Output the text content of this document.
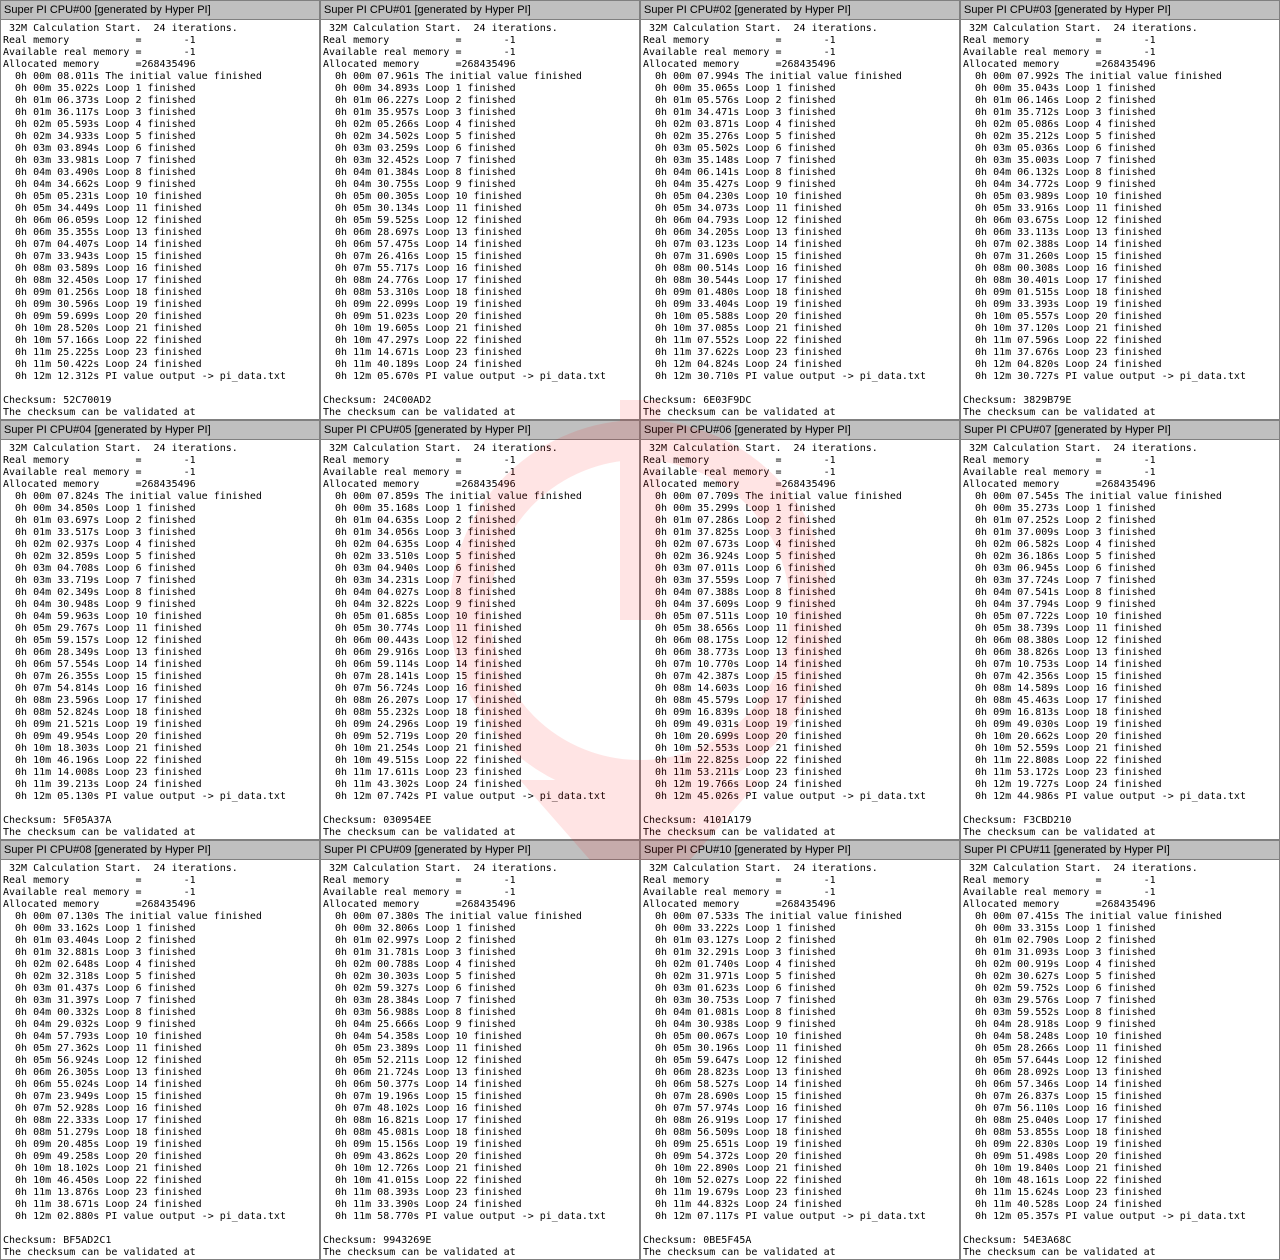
Super PI CPU#00 [generated by Hyper PI]
32M Calculation Start.  24 iterations.
Real memory           =       -1
Available real memory =       -1
Allocated memory      =268435496
0h 00m 08.011s The initial value finished
0h 00m 35.022s Loop 1 finished
0h 01m 06.373s Loop 2 finished
0h 01m 36.117s Loop 3 finished
0h 02m 05.593s Loop 4 finished
0h 02m 34.933s Loop 5 finished
0h 03m 03.894s Loop 6 finished
0h 03m 33.981s Loop 7 finished
0h 04m 03.490s Loop 8 finished
0h 04m 34.662s Loop 9 finished
0h 05m 05.231s Loop 10 finished
0h 05m 34.449s Loop 11 finished
0h 06m 06.059s Loop 12 finished
0h 06m 35.355s Loop 13 finished
0h 07m 04.407s Loop 14 finished
0h 07m 33.943s Loop 15 finished
0h 08m 03.589s Loop 16 finished
0h 08m 32.450s Loop 17 finished
0h 09m 01.256s Loop 18 finished
0h 09m 30.596s Loop 19 finished
0h 09m 59.699s Loop 20 finished
0h 10m 28.520s Loop 21 finished
0h 10m 57.166s Loop 22 finished
0h 11m 25.225s Loop 23 finished
0h 11m 50.422s Loop 24 finished
0h 12m 12.312s PI value output -> pi_data.txt

Checksum: 52C70019
The checksum can be validated at
Super PI CPU#01 [generated by Hyper PI]
32M Calculation Start.  24 iterations.
Real memory           =       -1
Available real memory =       -1
Allocated memory      =268435496
0h 00m 07.961s The initial value finished
0h 00m 34.893s Loop 1 finished
0h 01m 06.227s Loop 2 finished
0h 01m 35.957s Loop 3 finished
0h 02m 05.266s Loop 4 finished
0h 02m 34.502s Loop 5 finished
0h 03m 03.259s Loop 6 finished
0h 03m 32.452s Loop 7 finished
0h 04m 01.384s Loop 8 finished
0h 04m 30.755s Loop 9 finished
0h 05m 00.305s Loop 10 finished
0h 05m 30.134s Loop 11 finished
0h 05m 59.525s Loop 12 finished
0h 06m 28.697s Loop 13 finished
0h 06m 57.475s Loop 14 finished
0h 07m 26.416s Loop 15 finished
0h 07m 55.717s Loop 16 finished
0h 08m 24.776s Loop 17 finished
0h 08m 53.310s Loop 18 finished
0h 09m 22.099s Loop 19 finished
0h 09m 51.023s Loop 20 finished
0h 10m 19.605s Loop 21 finished
0h 10m 47.297s Loop 22 finished
0h 11m 14.671s Loop 23 finished
0h 11m 40.189s Loop 24 finished
0h 12m 05.670s PI value output -> pi_data.txt

Checksum: 24C00AD2
The checksum can be validated at
Super PI CPU#02 [generated by Hyper PI]
32M Calculation Start.  24 iterations.
Real memory           =       -1
Available real memory =       -1
Allocated memory      =268435496
0h 00m 07.994s The initial value finished
0h 00m 35.065s Loop 1 finished
0h 01m 05.576s Loop 2 finished
0h 01m 34.471s Loop 3 finished
0h 02m 03.871s Loop 4 finished
0h 02m 35.276s Loop 5 finished
0h 03m 05.502s Loop 6 finished
0h 03m 35.148s Loop 7 finished
0h 04m 06.141s Loop 8 finished
0h 04m 35.427s Loop 9 finished
0h 05m 04.230s Loop 10 finished
0h 05m 34.073s Loop 11 finished
0h 06m 04.793s Loop 12 finished
0h 06m 34.205s Loop 13 finished
0h 07m 03.123s Loop 14 finished
0h 07m 31.690s Loop 15 finished
0h 08m 00.514s Loop 16 finished
0h 08m 30.544s Loop 17 finished
0h 09m 01.480s Loop 18 finished
0h 09m 33.404s Loop 19 finished
0h 10m 05.588s Loop 20 finished
0h 10m 37.085s Loop 21 finished
0h 11m 07.552s Loop 22 finished
0h 11m 37.622s Loop 23 finished
0h 12m 04.824s Loop 24 finished
0h 12m 30.710s PI value output -> pi_data.txt

Checksum: 6E03F9DC
The checksum can be validated at
Super PI CPU#03 [generated by Hyper PI]
32M Calculation Start.  24 iterations.
Real memory           =       -1
Available real memory =       -1
Allocated memory      =268435496
0h 00m 07.992s The initial value finished
0h 00m 35.043s Loop 1 finished
0h 01m 06.146s Loop 2 finished
0h 01m 35.712s Loop 3 finished
0h 02m 05.086s Loop 4 finished
0h 02m 35.212s Loop 5 finished
0h 03m 05.036s Loop 6 finished
0h 03m 35.003s Loop 7 finished
0h 04m 06.132s Loop 8 finished
0h 04m 34.772s Loop 9 finished
0h 05m 03.989s Loop 10 finished
0h 05m 33.916s Loop 11 finished
0h 06m 03.675s Loop 12 finished
0h 06m 33.113s Loop 13 finished
0h 07m 02.388s Loop 14 finished
0h 07m 31.260s Loop 15 finished
0h 08m 00.308s Loop 16 finished
0h 08m 30.401s Loop 17 finished
0h 09m 01.515s Loop 18 finished
0h 09m 33.393s Loop 19 finished
0h 10m 05.557s Loop 20 finished
0h 10m 37.120s Loop 21 finished
0h 11m 07.596s Loop 22 finished
0h 11m 37.676s Loop 23 finished
0h 12m 04.820s Loop 24 finished
0h 12m 30.727s PI value output -> pi_data.txt

Checksum: 3829B79E
The checksum can be validated at
Super PI CPU#04 [generated by Hyper PI]
32M Calculation Start.  24 iterations.
Real memory           =       -1
Available real memory =       -1
Allocated memory      =268435496
0h 00m 07.824s The initial value finished
0h 00m 34.850s Loop 1 finished
0h 01m 03.697s Loop 2 finished
0h 01m 33.517s Loop 3 finished
0h 02m 02.937s Loop 4 finished
0h 02m 32.859s Loop 5 finished
0h 03m 04.708s Loop 6 finished
0h 03m 33.719s Loop 7 finished
0h 04m 02.349s Loop 8 finished
0h 04m 30.948s Loop 9 finished
0h 04m 59.963s Loop 10 finished
0h 05m 29.767s Loop 11 finished
0h 05m 59.157s Loop 12 finished
0h 06m 28.349s Loop 13 finished
0h 06m 57.554s Loop 14 finished
0h 07m 26.355s Loop 15 finished
0h 07m 54.814s Loop 16 finished
0h 08m 23.596s Loop 17 finished
0h 08m 52.824s Loop 18 finished
0h 09m 21.521s Loop 19 finished
0h 09m 49.954s Loop 20 finished
0h 10m 18.303s Loop 21 finished
0h 10m 46.196s Loop 22 finished
0h 11m 14.008s Loop 23 finished
0h 11m 39.213s Loop 24 finished
0h 12m 05.130s PI value output -> pi_data.txt

Checksum: 5F05A37A
The checksum can be validated at
Super PI CPU#05 [generated by Hyper PI]
32M Calculation Start.  24 iterations.
Real memory           =       -1
Available real memory =       -1
Allocated memory      =268435496
0h 00m 07.859s The initial value finished
0h 00m 35.168s Loop 1 finished
0h 01m 04.635s Loop 2 finished
0h 01m 34.056s Loop 3 finished
0h 02m 04.635s Loop 4 finished
0h 02m 33.510s Loop 5 finished
0h 03m 04.940s Loop 6 finished
0h 03m 34.231s Loop 7 finished
0h 04m 04.027s Loop 8 finished
0h 04m 32.822s Loop 9 finished
0h 05m 01.685s Loop 10 finished
0h 05m 30.774s Loop 11 finished
0h 06m 00.443s Loop 12 finished
0h 06m 29.916s Loop 13 finished
0h 06m 59.114s Loop 14 finished
0h 07m 28.141s Loop 15 finished
0h 07m 56.724s Loop 16 finished
0h 08m 26.207s Loop 17 finished
0h 08m 55.232s Loop 18 finished
0h 09m 24.296s Loop 19 finished
0h 09m 52.719s Loop 20 finished
0h 10m 21.254s Loop 21 finished
0h 10m 49.515s Loop 22 finished
0h 11m 17.611s Loop 23 finished
0h 11m 43.302s Loop 24 finished
0h 12m 07.742s PI value output -> pi_data.txt

Checksum: 030954EE
The checksum can be validated at
Super PI CPU#06 [generated by Hyper PI]
32M Calculation Start.  24 iterations.
Real memory           =       -1
Available real memory =       -1
Allocated memory      =268435496
0h 00m 07.709s The initial value finished
0h 00m 35.299s Loop 1 finished
0h 01m 07.286s Loop 2 finished
0h 01m 37.825s Loop 3 finished
0h 02m 07.673s Loop 4 finished
0h 02m 36.924s Loop 5 finished
0h 03m 07.011s Loop 6 finished
0h 03m 37.559s Loop 7 finished
0h 04m 07.388s Loop 8 finished
0h 04m 37.609s Loop 9 finished
0h 05m 07.511s Loop 10 finished
0h 05m 38.656s Loop 11 finished
0h 06m 08.175s Loop 12 finished
0h 06m 38.773s Loop 13 finished
0h 07m 10.770s Loop 14 finished
0h 07m 42.387s Loop 15 finished
0h 08m 14.603s Loop 16 finished
0h 08m 45.579s Loop 17 finished
0h 09m 16.839s Loop 18 finished
0h 09m 49.031s Loop 19 finished
0h 10m 20.699s Loop 20 finished
0h 10m 52.553s Loop 21 finished
0h 11m 22.825s Loop 22 finished
0h 11m 53.211s Loop 23 finished
0h 12m 19.766s Loop 24 finished
0h 12m 45.026s PI value output -> pi_data.txt

Checksum: 4101A179
The checksum can be validated at
Super PI CPU#07 [generated by Hyper PI]
32M Calculation Start.  24 iterations.
Real memory           =       -1
Available real memory =       -1
Allocated memory      =268435496
0h 00m 07.545s The initial value finished
0h 00m 35.273s Loop 1 finished
0h 01m 07.252s Loop 2 finished
0h 01m 37.009s Loop 3 finished
0h 02m 06.582s Loop 4 finished
0h 02m 36.186s Loop 5 finished
0h 03m 06.945s Loop 6 finished
0h 03m 37.724s Loop 7 finished
0h 04m 07.541s Loop 8 finished
0h 04m 37.794s Loop 9 finished
0h 05m 07.722s Loop 10 finished
0h 05m 38.739s Loop 11 finished
0h 06m 08.380s Loop 12 finished
0h 06m 38.826s Loop 13 finished
0h 07m 10.753s Loop 14 finished
0h 07m 42.356s Loop 15 finished
0h 08m 14.589s Loop 16 finished
0h 08m 45.463s Loop 17 finished
0h 09m 16.813s Loop 18 finished
0h 09m 49.030s Loop 19 finished
0h 10m 20.662s Loop 20 finished
0h 10m 52.559s Loop 21 finished
0h 11m 22.808s Loop 22 finished
0h 11m 53.172s Loop 23 finished
0h 12m 19.727s Loop 24 finished
0h 12m 44.986s PI value output -> pi_data.txt

Checksum: F3CBD210
The checksum can be validated at
Super PI CPU#08 [generated by Hyper PI]
32M Calculation Start.  24 iterations.
Real memory           =       -1
Available real memory =       -1
Allocated memory      =268435496
0h 00m 07.130s The initial value finished
0h 00m 33.162s Loop 1 finished
0h 01m 03.404s Loop 2 finished
0h 01m 32.881s Loop 3 finished
0h 02m 02.648s Loop 4 finished
0h 02m 32.318s Loop 5 finished
0h 03m 01.437s Loop 6 finished
0h 03m 31.397s Loop 7 finished
0h 04m 00.332s Loop 8 finished
0h 04m 29.032s Loop 9 finished
0h 04m 57.793s Loop 10 finished
0h 05m 27.362s Loop 11 finished
0h 05m 56.924s Loop 12 finished
0h 06m 26.305s Loop 13 finished
0h 06m 55.024s Loop 14 finished
0h 07m 23.949s Loop 15 finished
0h 07m 52.928s Loop 16 finished
0h 08m 22.333s Loop 17 finished
0h 08m 51.279s Loop 18 finished
0h 09m 20.485s Loop 19 finished
0h 09m 49.258s Loop 20 finished
0h 10m 18.102s Loop 21 finished
0h 10m 46.450s Loop 22 finished
0h 11m 13.876s Loop 23 finished
0h 11m 38.671s Loop 24 finished
0h 12m 02.880s PI value output -> pi_data.txt

Checksum: BF5AD2C1
The checksum can be validated at
Super PI CPU#09 [generated by Hyper PI]
32M Calculation Start.  24 iterations.
Real memory           =       -1
Available real memory =       -1
Allocated memory      =268435496
0h 00m 07.380s The initial value finished
0h 00m 32.806s Loop 1 finished
0h 01m 02.997s Loop 2 finished
0h 01m 31.781s Loop 3 finished
0h 02m 00.788s Loop 4 finished
0h 02m 30.303s Loop 5 finished
0h 02m 59.327s Loop 6 finished
0h 03m 28.384s Loop 7 finished
0h 03m 56.988s Loop 8 finished
0h 04m 25.666s Loop 9 finished
0h 04m 54.358s Loop 10 finished
0h 05m 23.389s Loop 11 finished
0h 05m 52.211s Loop 12 finished
0h 06m 21.724s Loop 13 finished
0h 06m 50.377s Loop 14 finished
0h 07m 19.196s Loop 15 finished
0h 07m 48.102s Loop 16 finished
0h 08m 16.821s Loop 17 finished
0h 08m 45.081s Loop 18 finished
0h 09m 15.156s Loop 19 finished
0h 09m 43.862s Loop 20 finished
0h 10m 12.726s Loop 21 finished
0h 10m 41.015s Loop 22 finished
0h 11m 08.393s Loop 23 finished
0h 11m 33.390s Loop 24 finished
0h 11m 58.770s PI value output -> pi_data.txt

Checksum: 9943269E
The checksum can be validated at
Super PI CPU#10 [generated by Hyper PI]
32M Calculation Start.  24 iterations.
Real memory           =       -1
Available real memory =       -1
Allocated memory      =268435496
0h 00m 07.533s The initial value finished
0h 00m 33.222s Loop 1 finished
0h 01m 03.127s Loop 2 finished
0h 01m 32.291s Loop 3 finished
0h 02m 01.740s Loop 4 finished
0h 02m 31.971s Loop 5 finished
0h 03m 01.623s Loop 6 finished
0h 03m 30.753s Loop 7 finished
0h 04m 01.081s Loop 8 finished
0h 04m 30.938s Loop 9 finished
0h 05m 00.067s Loop 10 finished
0h 05m 30.196s Loop 11 finished
0h 05m 59.647s Loop 12 finished
0h 06m 28.823s Loop 13 finished
0h 06m 58.527s Loop 14 finished
0h 07m 28.690s Loop 15 finished
0h 07m 57.974s Loop 16 finished
0h 08m 26.919s Loop 17 finished
0h 08m 56.509s Loop 18 finished
0h 09m 25.651s Loop 19 finished
0h 09m 54.372s Loop 20 finished
0h 10m 22.890s Loop 21 finished
0h 10m 52.027s Loop 22 finished
0h 11m 19.679s Loop 23 finished
0h 11m 44.832s Loop 24 finished
0h 12m 07.117s PI value output -> pi_data.txt

Checksum: 0BE5F45A
The checksum can be validated at
Super PI CPU#11 [generated by Hyper PI]
32M Calculation Start.  24 iterations.
Real memory           =       -1
Available real memory =       -1
Allocated memory      =268435496
0h 00m 07.415s The initial value finished
0h 00m 33.315s Loop 1 finished
0h 01m 02.790s Loop 2 finished
0h 01m 31.093s Loop 3 finished
0h 02m 00.919s Loop 4 finished
0h 02m 30.627s Loop 5 finished
0h 02m 59.752s Loop 6 finished
0h 03m 29.576s Loop 7 finished
0h 03m 59.552s Loop 8 finished
0h 04m 28.918s Loop 9 finished
0h 04m 58.248s Loop 10 finished
0h 05m 28.266s Loop 11 finished
0h 05m 57.644s Loop 12 finished
0h 06m 28.092s Loop 13 finished
0h 06m 57.346s Loop 14 finished
0h 07m 26.837s Loop 15 finished
0h 07m 56.110s Loop 16 finished
0h 08m 25.040s Loop 17 finished
0h 08m 53.855s Loop 18 finished
0h 09m 22.830s Loop 19 finished
0h 09m 51.498s Loop 20 finished
0h 10m 19.840s Loop 21 finished
0h 10m 48.161s Loop 22 finished
0h 11m 15.624s Loop 23 finished
0h 11m 40.528s Loop 24 finished
0h 12m 05.357s PI value output -> pi_data.txt

Checksum: 54E3A68C
The checksum can be validated at
